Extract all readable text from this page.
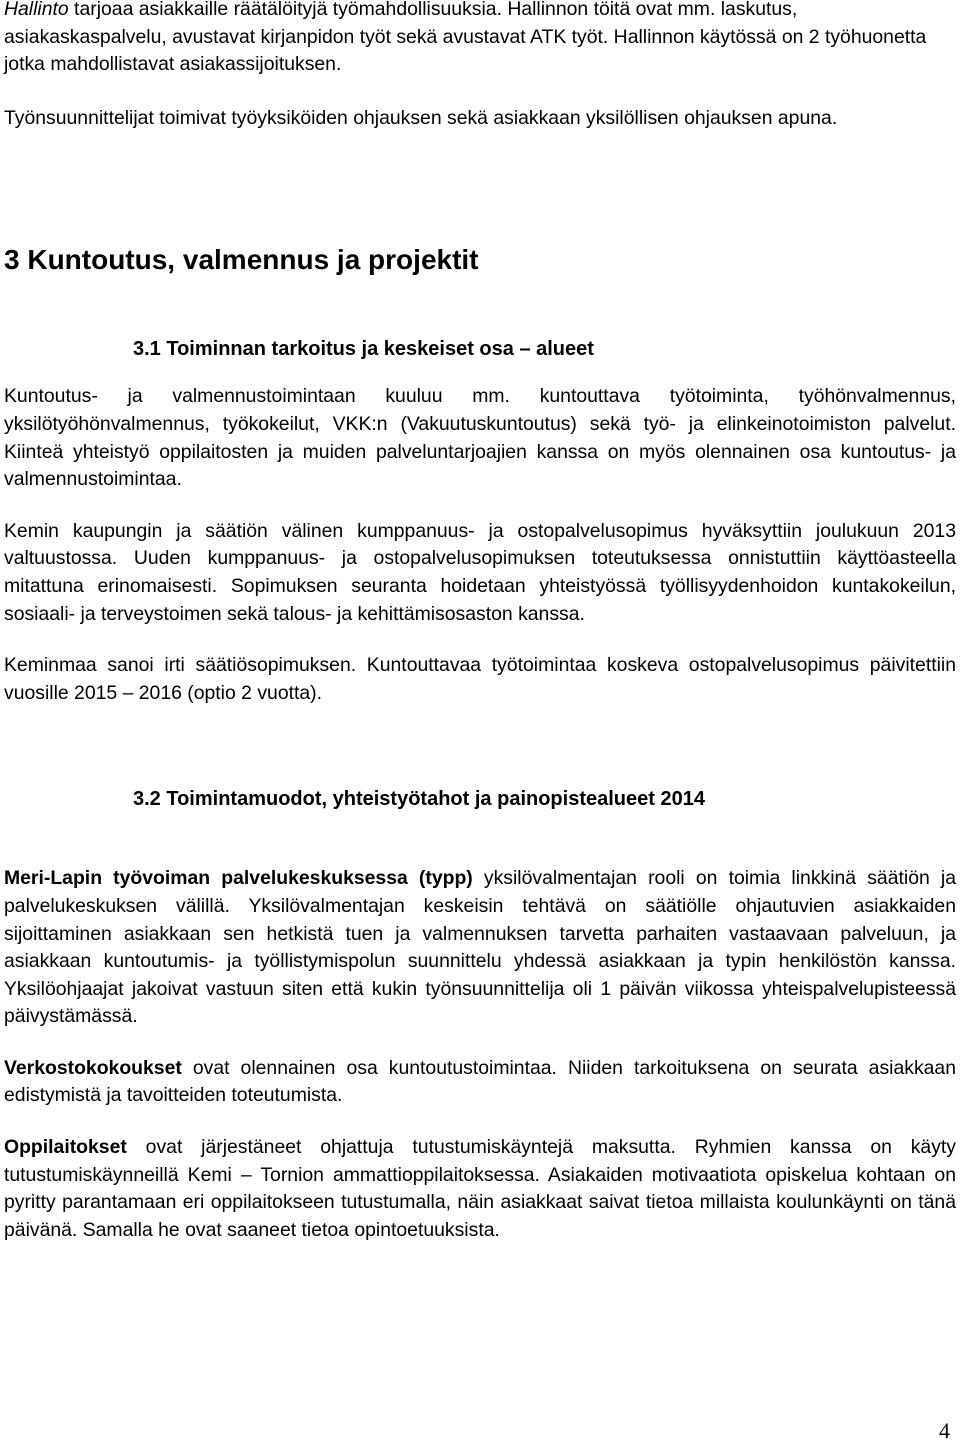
Hallinto tarjoaa asiakkaille räätälöityjä työmahdollisuuksia. Hallinnon töitä ovat mm. laskutus, asiakaskaspalvelu, avustavat kirjanpidon työt sekä avustavat ATK työt. Hallinnon käytössä on 2 työhuonetta jotka mahdollistavat asiakassijoituksen.

Työnsuunnittelijat toimivat työyksiköiden ohjauksen sekä asiakkaan yksilöllisen ohjauksen apuna.

3 Kuntoutus, valmennus ja projektit
3.1 Toiminnan tarkoitus ja keskeiset osa – alueet

Kuntoutus- ja valmennustoimintaan kuuluu mm. kuntouttava työtoiminta, työhönvalmennus, yksilötyöhönvalmennus, työkokeilut, VKK:n (Vakuutuskuntoutus) sekä työ- ja elinkeinotoimiston palvelut. Kiinteä yhteistyö oppilaitosten ja muiden palveluntarjoajien kanssa on myös olennainen osa kuntoutus- ja valmennustoimintaa.

Kemin kaupungin ja säätiön välinen kumppanuus- ja ostopalvelusopimus hyväksyttiin joulukuun 2013 valtuustossa. Uuden kumppanuus- ja ostopalvelusopimuksen toteutuksessa onnistuttiin käyttöasteella mitattuna erinomaisesti. Sopimuksen seuranta hoidetaan yhteistyössä työllisyydenhoidon kuntakokeilun, sosiaali- ja terveystoimen sekä talous- ja kehittämisosaston kanssa.

Keminmaa sanoi irti säätiösopimuksen. Kuntouttavaa työtoimintaa koskeva ostopalvelusopimus päivitettiin vuosille 2015 – 2016 (optio 2 vuotta).

3.2 Toimintamuodot, yhteistyötahot ja painopistealueet 2014

Meri-Lapin työvoiman palvelukeskuksessa (typp) yksilövalmentajan rooli on toimia linkkinä säätiön ja palvelukeskuksen välillä. Yksilövalmentajan keskeisin tehtävä on säätiölle ohjautuvien asiakkaiden sijoittaminen asiakkaan sen hetkistä tuen ja valmennuksen tarvetta parhaiten vastaavaan palveluun, ja asiakkaan kuntoutumis- ja työllistymispolun suunnittelu yhdessä asiakkaan ja typin henkilöstön kanssa. Yksilöohjaajat jakoivat vastuun siten että kukin työnsuunnittelija oli 1 päivän viikossa yhteispalvelupisteessä päivystämässä.

Verkostokokoukset ovat olennainen osa kuntoutustoimintaa. Niiden tarkoituksena on seurata asiakkaan edistymistä ja tavoitteiden toteutumista.

Oppilaitokset ovat järjestäneet ohjattuja tutustumiskäyntejä maksutta. Ryhmien kanssa on käyty tutustumiskäynneillä Kemi – Tornion ammattioppilaitoksessa. Asiakaiden motivaatiota opiskelua kohtaan on pyritty parantamaan eri oppilaitokseen tutustumalla, näin asiakkaat saivat tietoa millaista koulunkäynti on tänä päivänä. Samalla he ovat saaneet tietoa opintoetuuksista.

4
